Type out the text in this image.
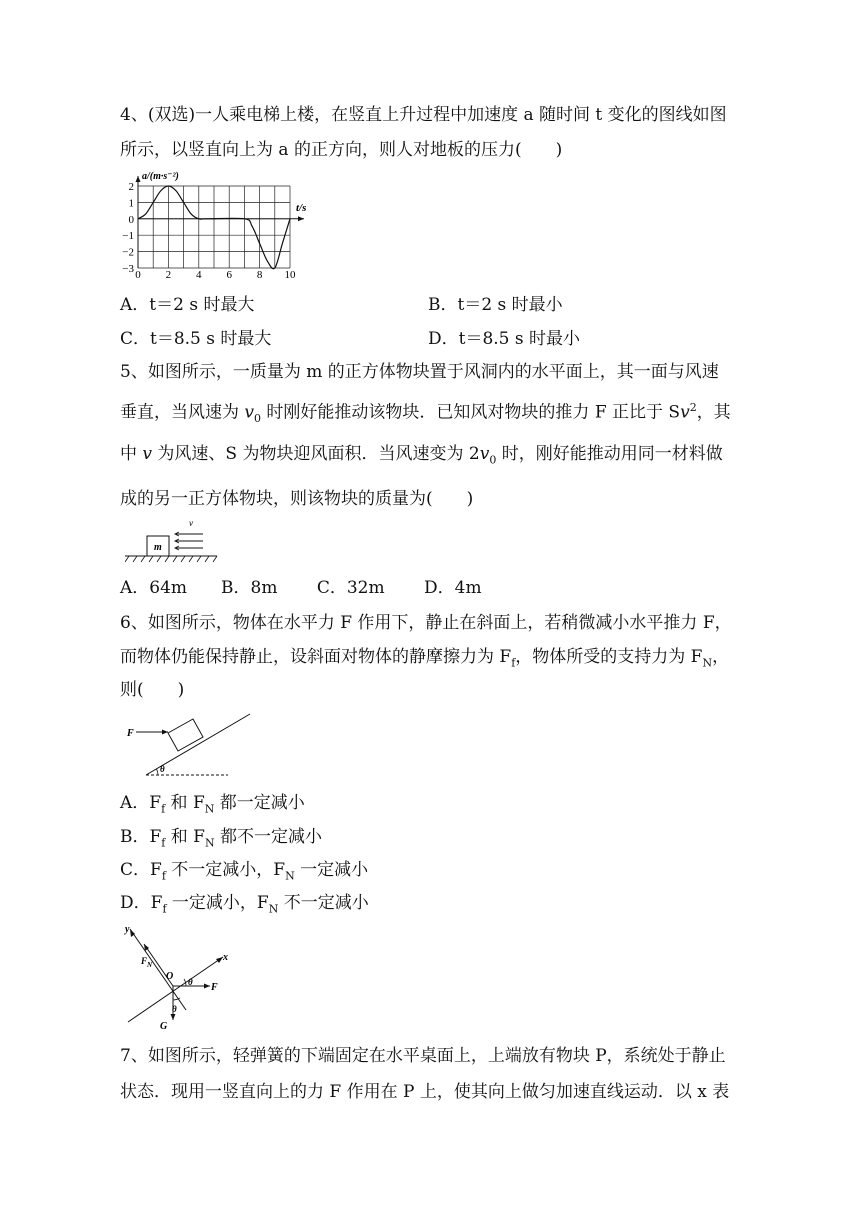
4、(双选)一人乘电梯上楼，在竖直上升过程中加速度 a 随时间 t 变化的图线如图
所示，以竖直向上为 a 的正方向，则人对地板的压力(　　)
0 2 4 6 8 10
2
1
0
−1
−2
−3
a/(m·s⁻²)
t/s
A．t＝2 s 时最大	B．t＝2 s 时最小
C．t＝8.5 s 时最大	D．t＝8.5 s 时最小
5、如图所示，一质量为 m 的正方体物块置于风洞内的水平面上，其一面与风速
垂直，当风速为 $v_0$ 时刚好能推动该物块．已知风对物块的推力 F 正比于 Sv$^2$，其
中 v 为风速、S 为物块迎风面积．当风速变为 $2v_0$ 时，刚好能推动用同一材料做
成的另一正方体物块，则该物块的质量为(　　)
m
v
A．64m　　B．8m　　 C．32m　　 D．4m
6、如图所示，物体在水平力 F 作用下，静止在斜面上，若稍微减小水平推力 F，
而物体仍能保持静止，设斜面对物体的静摩擦力为 $F_f$，物体所受的支持力为 $F_N$，
则(　　)
F
θ
A．$F_f$ 和 $F_N$ 都一定减小
B．$F_f$ 和 $F_N$ 都不一定减小
C．$F_f$ 不一定减小，$F_N$ 一定减小
D．$F_f$ 一定减小，$F_N$ 不一定减小
y
x
O
$F_N$
F
G
θ
θ
7、如图所示，轻弹簧的下端固定在水平桌面上，上端放有物块 P，系统处于静止
状态．现用一竖直向上的力 F 作用在 P 上，使其向上做匀加速直线运动．以 x 表
